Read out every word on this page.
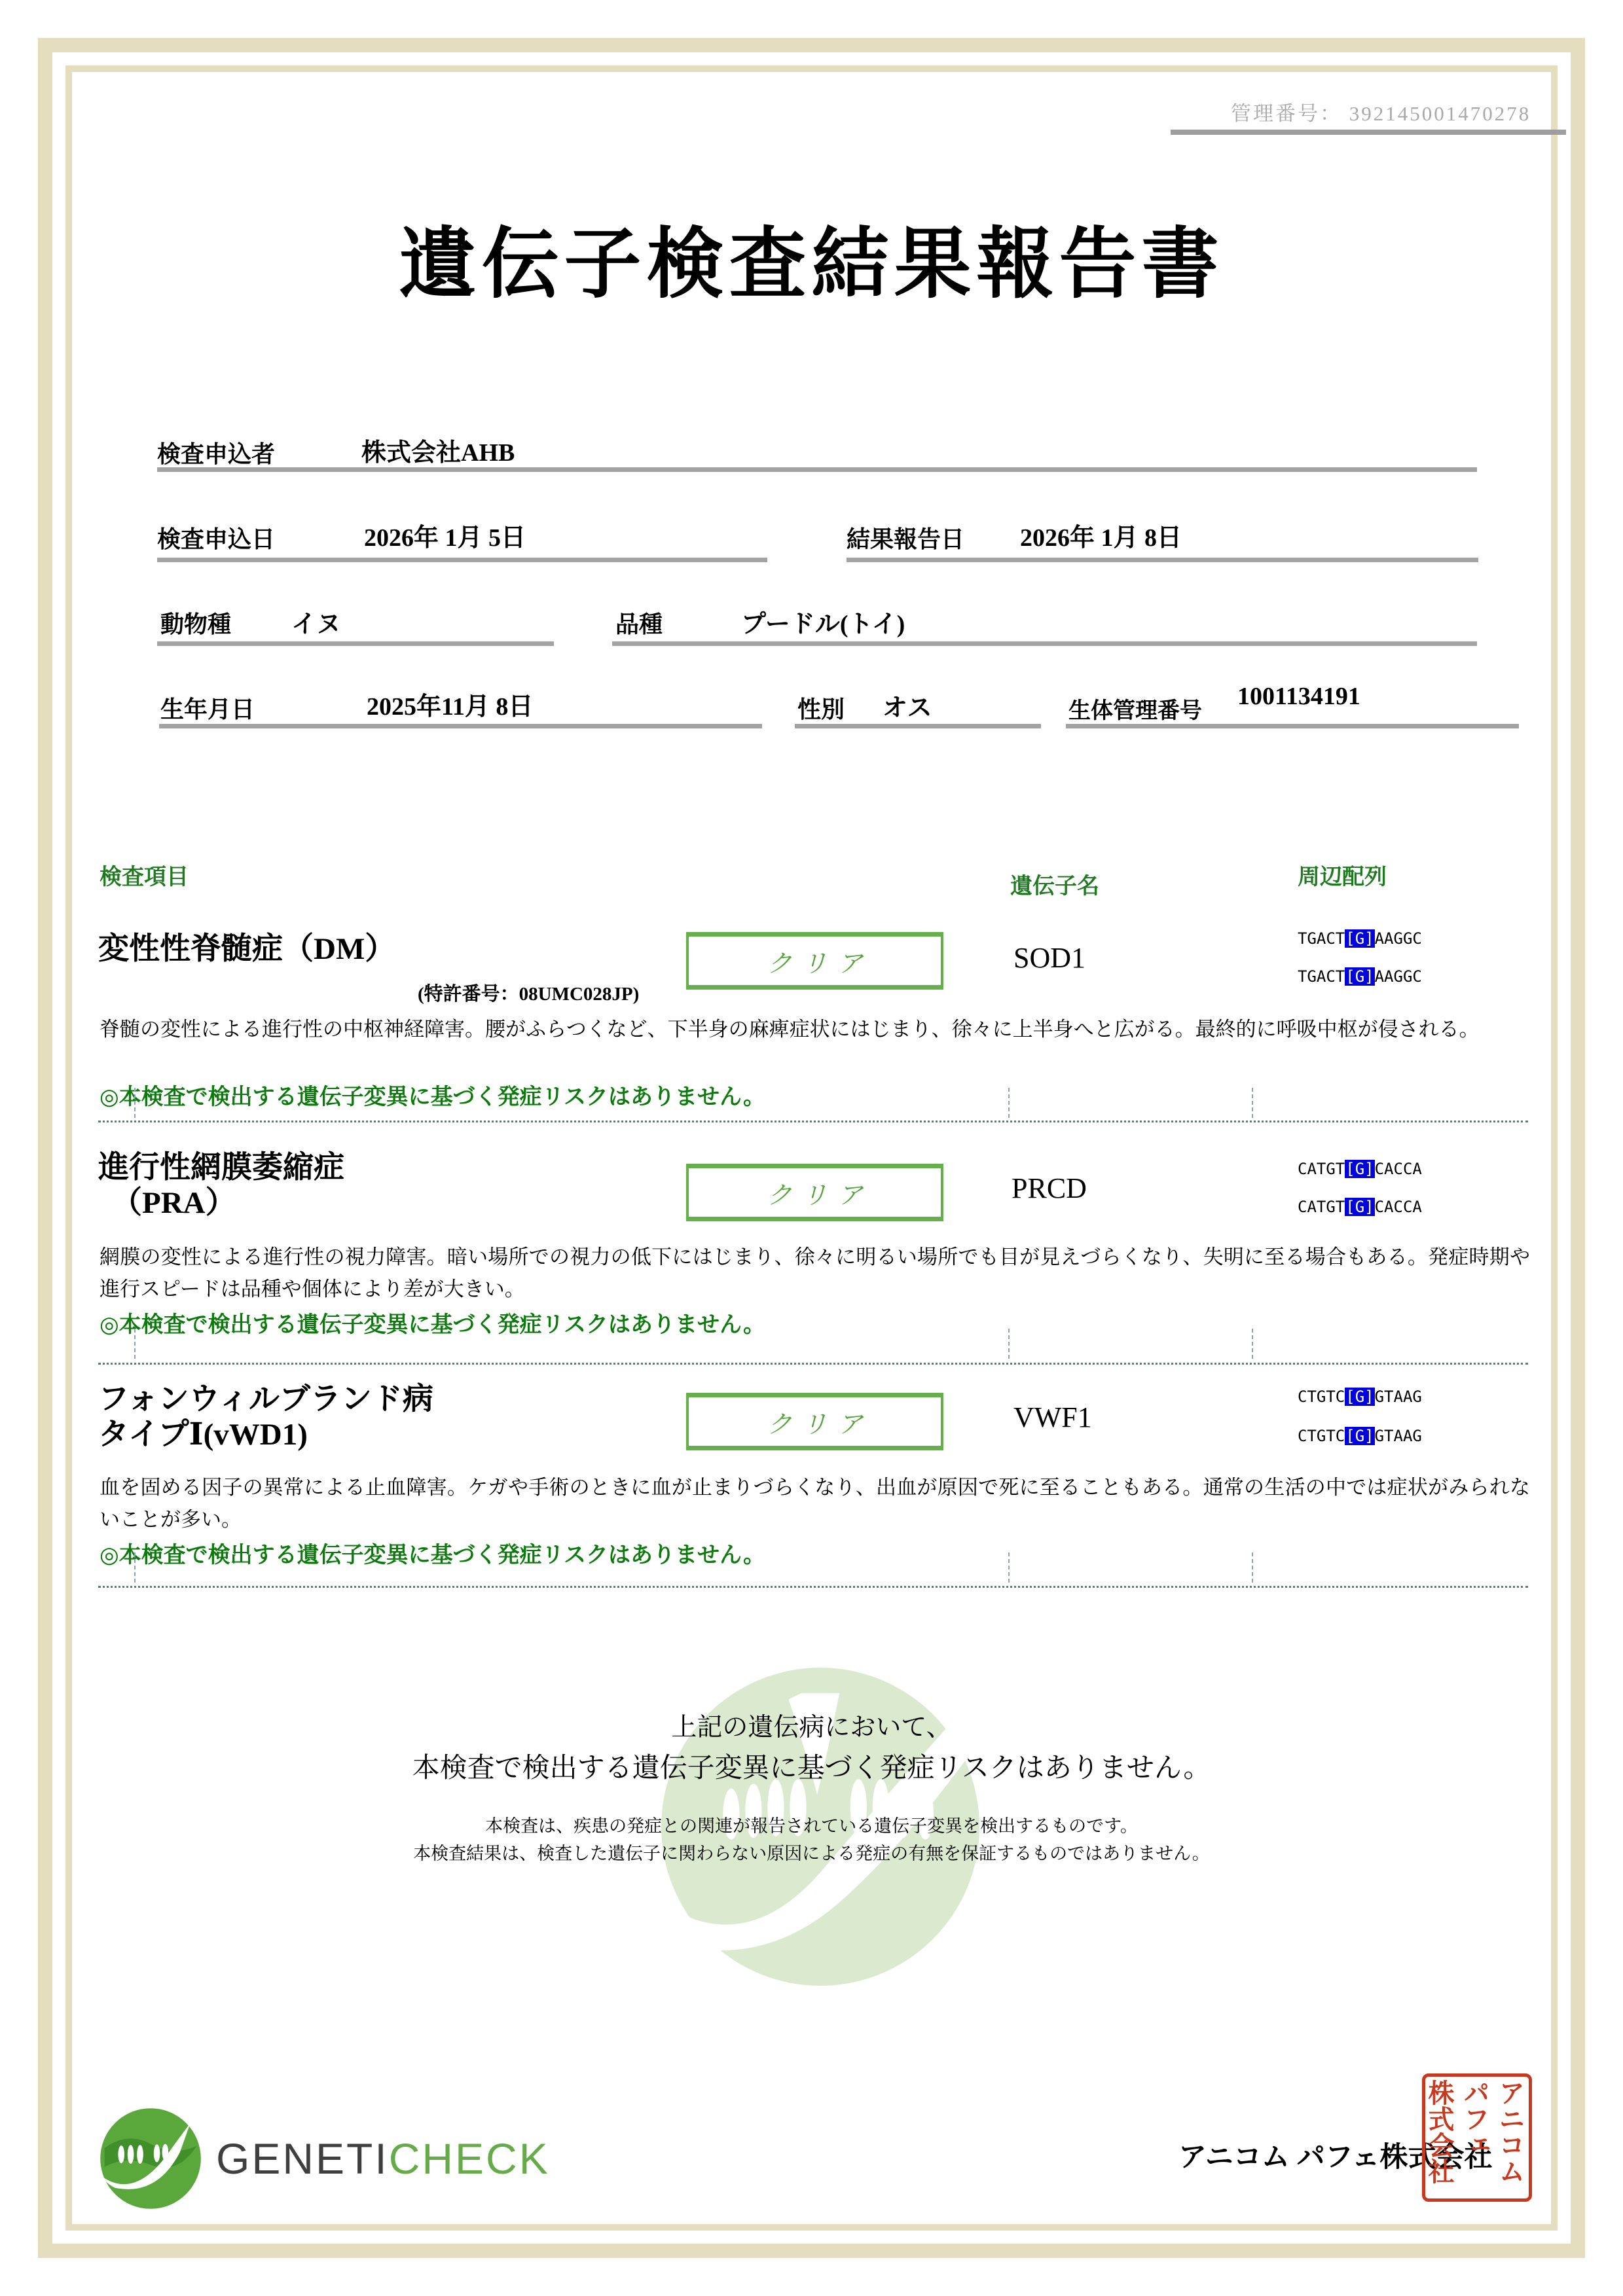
管理番号： 392145001470278
遺伝子検査結果報告書
検査申込者	株式会社AHB
検査申込日	2026年 1月 5日	結果報告日 2026年 1月 8日
動物種 イヌ	品種	プードル(トイ)
生年月日	2025年11月 8日	性別 オス	生体管理番号
1001134191
検査項目	遺伝子名	周辺配列
変性性脊髄症（DM）
(特許番号：08UMC028JP)
クリア	SOD1
TGACT[G]AAGGC
TGACT[G]AAGGC
脊髄の変性による進行性の中枢神経障害。腰がふらつくなど、下半身の麻痺症状にはじまり、徐々に上半身へと広がる。最終的に呼吸中枢が侵される。
◎本検査で検出する遺伝子変異に基づく発症リスクはありません。
進行性網膜萎縮症
（PRA）	クリア	PRCD
CATGT[G]CACCA
CATGT[G]CACCA
網膜の変性による進行性の視力障害。暗い場所での視力の低下にはじまり、徐々に明るい場所でも目が見えづらくなり、失明に至る場合もある。発症時期や進行スピードは品種や個体により差が大きい。
◎本検査で検出する遺伝子変異に基づく発症リスクはありません。
フォンウィルブランド病
タイプⅠ(vWD1)	クリア	VWF1
CTGTC[G]GTAAG
CTGTC[G]GTAAG
血を固める因子の異常による止血障害。ケガや手術のときに血が止まりづらくなり、出血が原因で死に至ることもある。通常の生活の中では症状がみられないことが多い。
◎本検査で検出する遺伝子変異に基づく発症リスクはありません。
上記の遺伝病において、
本検査で検出する遺伝子変異に基づく発症リスクはありません。
本検査は、疾患の発症との関連が報告されている遺伝子変異を検出するものです。
本検査結果は、検査した遺伝子に関わらない原因による発症の有無を保証するものではありません。
GENETICHECK	アニコム パフェ株式会社 アニコム
パフェ
株式会社
